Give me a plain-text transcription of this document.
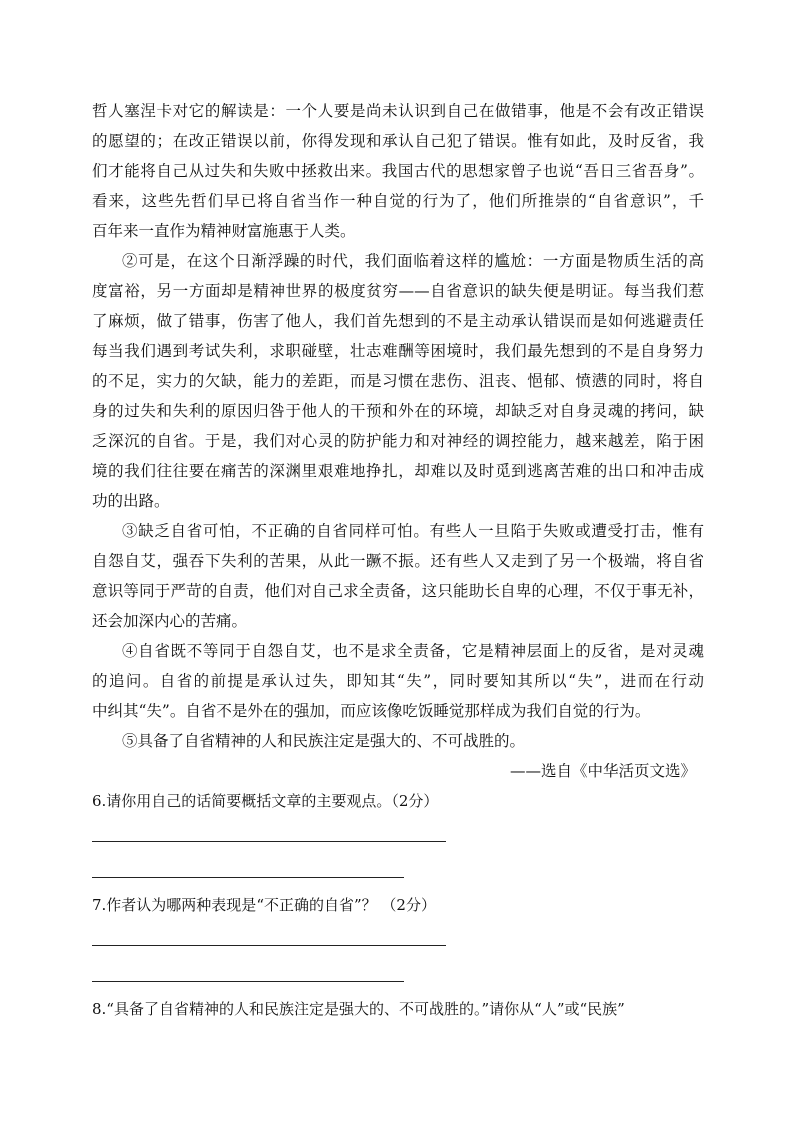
哲人塞涅卡对它的解读是：一个人要是尚未认识到自己在做错事，他是不会有改正错误
的愿望的；在改正错误以前，你得发现和承认自己犯了错误。惟有如此，及时反省，我
们才能将自己从过失和失败中拯救出来。我国古代的思想家曾子也说“吾日三省吾身”。
看来，这些先哲们早已将自省当作一种自觉的行为了，他们所推崇的“自省意识”，千
百年来一直作为精神财富施惠于人类。
②可是，在这个日渐浮躁的时代，我们面临着这样的尴尬：一方面是物质生活的高
度富裕，另一方面却是精神世界的极度贫穷——自省意识的缺失便是明证。每当我们惹
了麻烦，做了错事，伤害了他人，我们首先想到的不是主动承认错误而是如何逃避责任
每当我们遇到考试失利，求职碰壁，壮志难酬等困境时，我们最先想到的不是自身努力
的不足，实力的欠缺，能力的差距，而是习惯在悲伤、沮丧、悒郁、愤懑的同时，将自
身的过失和失利的原因归咎于他人的干预和外在的环境，却缺乏对自身灵魂的拷问，缺
乏深沉的自省。于是，我们对心灵的防护能力和对神经的调控能力，越来越差，陷于困
境的我们往往要在痛苦的深渊里艰难地挣扎，却难以及时觅到逃离苦难的出口和冲击成
功的出路。
③缺乏自省可怕，不正确的自省同样可怕。有些人一旦陷于失败或遭受打击，惟有
自怨自艾，强吞下失利的苦果，从此一蹶不振。还有些人又走到了另一个极端，将自省
意识等同于严苛的自责，他们对自己求全责备，这只能助长自卑的心理，不仅于事无补，
还会加深内心的苦痛。
④自省既不等同于自怨自艾，也不是求全责备，它是精神层面上的反省，是对灵魂
的追问。自省的前提是承认过失，即知其“失”，同时要知其所以“失”，进而在行动
中纠其“失”。自省不是外在的强加，而应该像吃饭睡觉那样成为我们自觉的行为。
⑤具备了自省精神的人和民族注定是强大的、不可战胜的。
——选自《中华活页文选》
6.请你用自己的话简要概括文章的主要观点。（2分）
7.作者认为哪两种表现是“不正确的自省”？ （2分）
8.“具备了自省精神的人和民族注定是强大的、不可战胜的。”请你从“人”或“民族”
